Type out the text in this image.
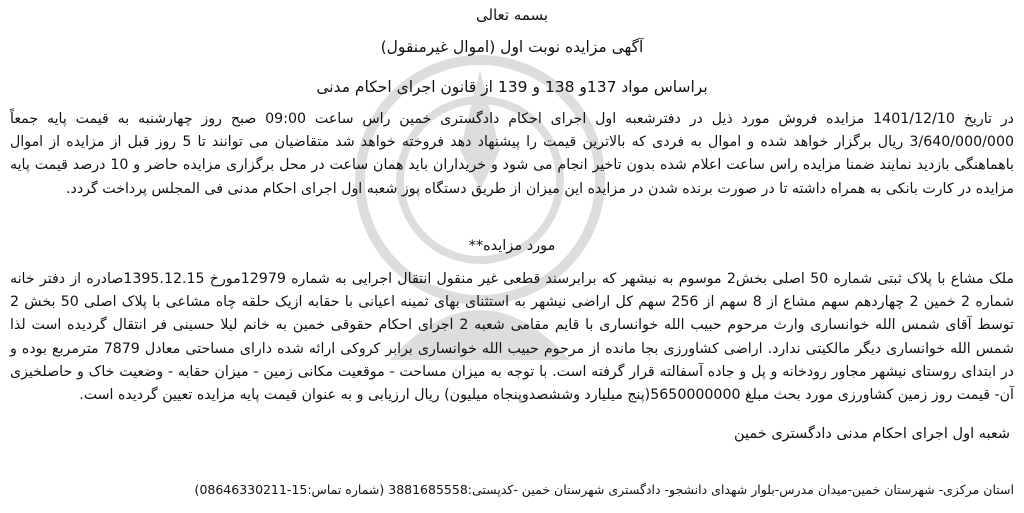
بسمه تعالی
آگهی مزایده نوبت اول (اموال غیرمنقول)
براساس مواد 137و 138 و 139 از قانون اجرای احکام مدنی
در تاریخ 1401/12/10 مزایده فروش مورد ذیل در دفترشعبه اول اجرای احکام دادگستری خمین راس ساعت 09:00 صبح روز چهارشنبه به قیمت پایه جمعاً 3/640/000/000 ریال برگزار خواهد شده و اموال به فردی که بالاترین قیمت را پیشنهاد دهد فروخته خواهد شد متقاضیان می توانند تا 5 روز قبل از مزایده از اموال باهماهنگی بازدید نمایند ضمنا مزایده راس ساعت اعلام شده بدون تاخیر انجام می شود و خریداران باید همان ساعت در محل برگزاری مزایده حاضر و 10 درصد قیمت پایه مزایده در کارت بانکی به همراه داشته تا در صورت برنده شدن در مزایده این میزان از طریق دستگاه پوز شعبه اول اجرای احکام مدنی فی المجلس پرداخت گردد.
مورد مزایده**
ملک مشاع با پلاک ثبتی شماره 50 اصلی بخش2 موسوم به نیشهر که برابرسند قطعی غیر منقول انتقال اجرایی به شماره 12979مورخ 1395.12.15صادره از دفتر خانه شماره 2 خمین 2 چهاردهم سهم مشاع از 8 سهم از 256 سهم کل اراضی نیشهر به استثنای بهای ثمینه اعیانی با حقابه ازیک حلقه چاه مشاعی با پلاک اصلی 50 بخش 2 توسط آقای شمس الله خوانساری وارث مرحوم حبیب الله خوانساری با قایم مقامی شعبه 2 اجرای احکام حقوقی خمین به خانم لیلا حسینی فر انتقال گردیده است لذا شمس الله خوانساری دیگر مالکیتی ندارد. اراضی کشاورزی بجا مانده از مرحوم حبیب الله خوانساری برابر کروکی ارائه شده دارای مساحتی معادل 7879 مترمربع بوده و در ابتدای روستای نیشهر مجاور رودخانه و پل و جاده آسفالته قرار گرفته است. با توجه به میزان مساحت - موقعیت مکانی زمین - میزان حقابه - وضعیت خاک و حاصلخیزی آن- قیمت روز زمین کشاورزی مورد بحث مبلغ 5650000000(پنج میلیارد وششصدوپنجاه میلیون) ریال ارزیابی و به عنوان قیمت پایه مزایده تعیین گردیده است.
شعبه اول اجرای احکام مدنی دادگستری خمین
استان مرکزی- شهرستان خمین-میدان مدرس-بلوار شهدای دانشجو- دادگستری شهرستان خمین -کدپستی:3881685558 (شماره تماس:15-08646330211)
